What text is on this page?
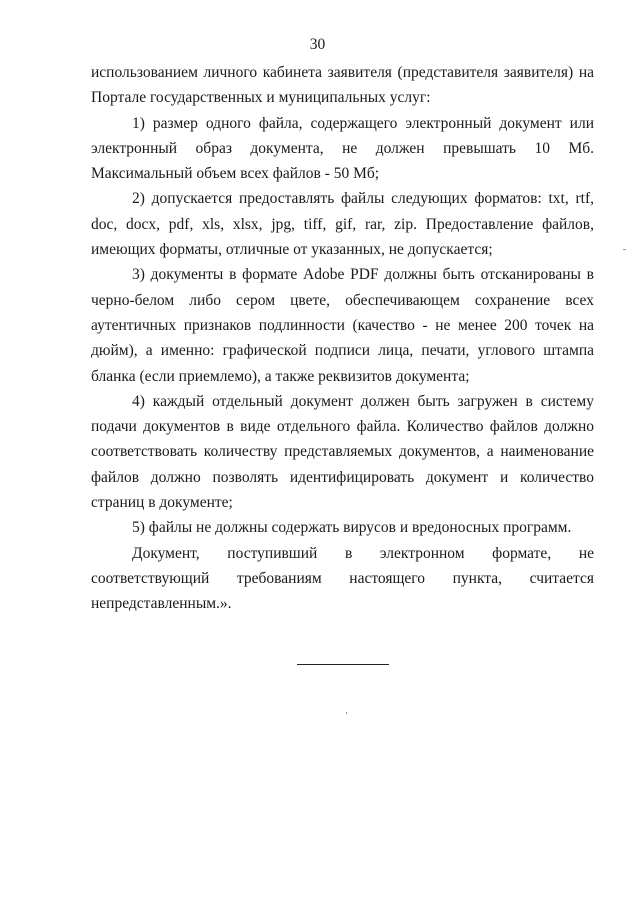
30

использованием личного кабинета заявителя (представителя заявителя) на Портале государственных и муниципальных услуг:

1) размер одного файла, содержащего электронный документ или электронный образ документа, не должен превышать 10 Мб. Максимальный объем всех файлов - 50 Мб;

2) допускается предоставлять файлы следующих форматов: txt, rtf, doc, docx, pdf, xls, xlsx, jpg, tiff, gif, rar, zip. Предоставление файлов, имеющих форматы, отличные от указанных, не допускается;

3) документы в формате Adobe PDF должны быть отсканированы в черно-белом либо сером цвете, обеспечивающем сохранение всех аутентичных признаков подлинности (качество - не менее 200 точек на дюйм), а именно: графической подписи лица, печати, углового штампа бланка (если приемлемо), а также реквизитов документа;

4) каждый отдельный документ должен быть загружен в систему подачи документов в виде отдельного файла. Количество файлов должно соответствовать количеству представляемых документов, а наименование файлов должно позволять идентифицировать документ и количество страниц в документе;

5) файлы не должны содержать вирусов и вредоносных программ.

Документ, поступивший в электронном формате, не соответствующий требованиям настоящего пункта, считается непредставленным.».
